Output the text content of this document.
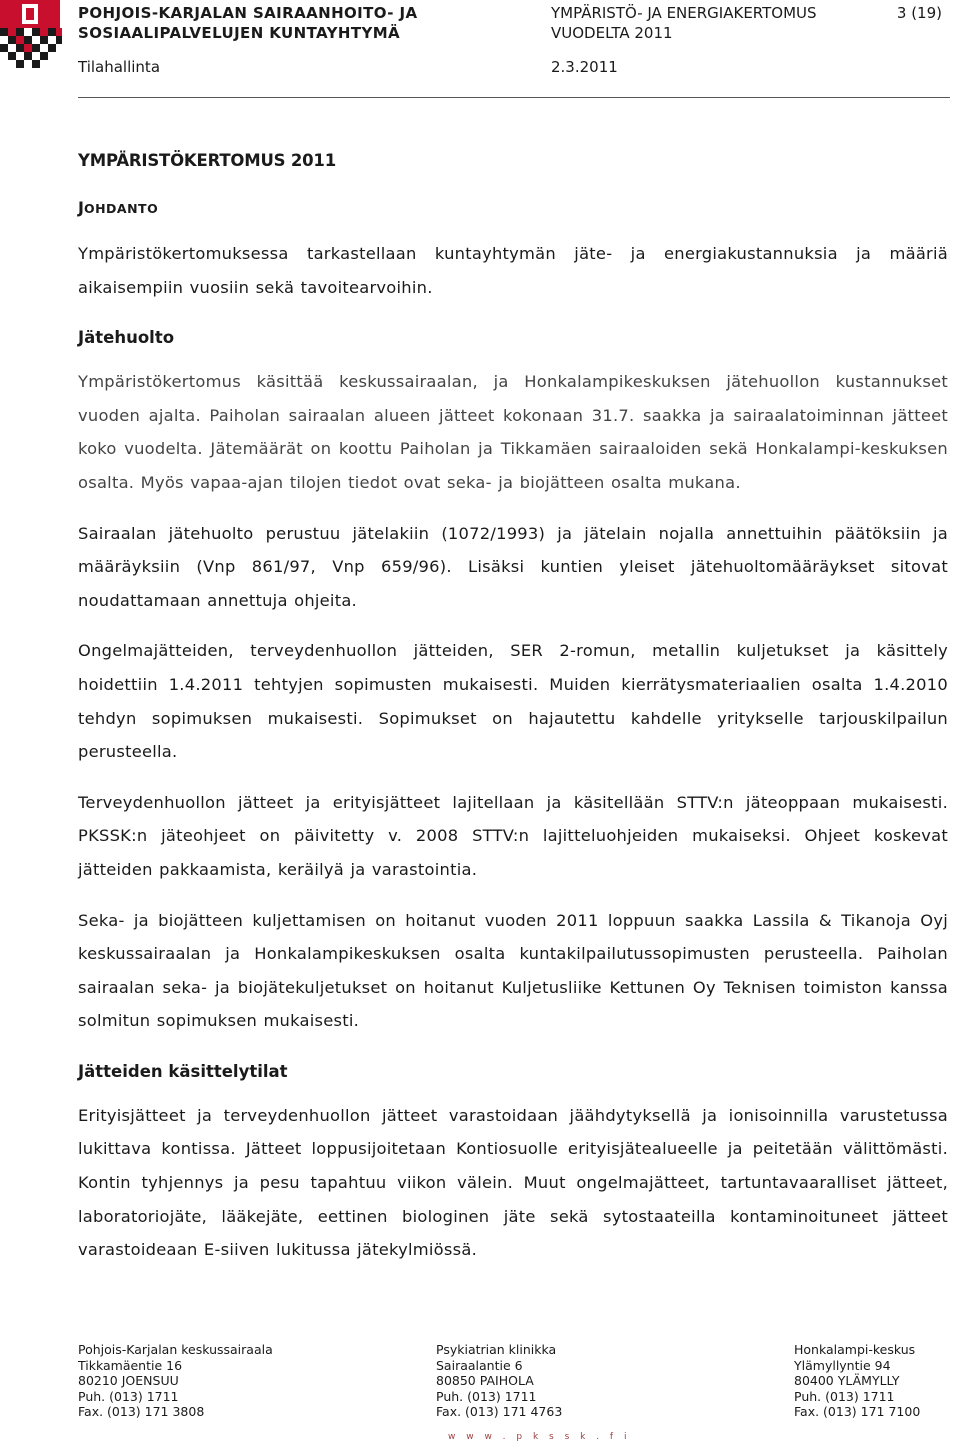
POHJOIS-KARJALAN SAIRAANHOITO- JA
SOSIAALIPALVELUJEN KUNTAYHTYMÄ
YMPÄRISTÖ- JA ENERGIAKERTOMUS
VUODELTA 2011
3 (19)
Tilahallinta	2.3.2011
YMPÄRISTÖKERTOMUS 2011
JOHDANTO

Ympäristökertomuksessa tarkastellaan kuntayhtymän jäte- ja energiakustannuksia ja määriä aikaisempiin vuosiin sekä tavoitearvoihin.

Jätehuolto

Ympäristökertomus käsittää keskussairaalan, ja Honkalampikeskuksen jätehuollon kustannukset vuoden ajalta. Paiholan sairaalan alueen jätteet kokonaan 31.7. saakka ja sairaalatoiminnan jätteet koko vuodelta. Jätemäärät on koottu Paiholan ja Tikkamäen sairaaloiden sekä Honkalampi-keskuksen osalta. Myös vapaa-ajan tilojen tiedot ovat seka- ja biojätteen osalta mukana.

Sairaalan jätehuolto perustuu jätelakiin (1072/1993) ja jätelain nojalla annettuihin päätöksiin ja määräyksiin (Vnp 861/97, Vnp 659/96). Lisäksi kuntien yleiset jätehuoltomääräykset sitovat noudattamaan annettuja ohjeita.

Ongelmajätteiden, terveydenhuollon jätteiden, SER 2-romun, metallin kuljetukset ja käsittely hoidettiin 1.4.2011 tehtyjen sopimusten mukaisesti. Muiden kierrätysmateriaalien osalta 1.4.2010 tehdyn sopimuksen mukaisesti. Sopimukset on hajautettu kahdelle yritykselle tarjouskilpailun perusteella.

Terveydenhuollon jätteet ja erityisjätteet lajitellaan ja käsitellään STTV:n jäteoppaan mukaisesti. PKSSK:n jäteohjeet on päivitetty v. 2008 STTV:n lajitteluohjeiden mukaiseksi. Ohjeet koskevat jätteiden pakkaamista, keräilyä ja varastointia.

Seka- ja biojätteen kuljettamisen on hoitanut vuoden 2011 loppuun saakka Lassila & Tikanoja Oyj keskussairaalan ja Honkalampikeskuksen osalta kuntakilpailutussopimusten perusteella. Paiholan sairaalan seka- ja biojätekuljetukset on hoitanut Kuljetusliike Kettunen Oy Teknisen toimiston kanssa solmitun sopimuksen mukaisesti.

Jätteiden käsittelytilat

Erityisjätteet ja terveydenhuollon jätteet varastoidaan jäähdytyksellä ja ionisoinnilla varustetussa lukittava kontissa. Jätteet loppusijoitetaan Kontiosuolle erityisjätealueelle ja peitetään välittömästi. Kontin tyhjennys ja pesu tapahtuu viikon välein. Muut ongelmajätteet, tartuntavaaralliset jätteet, laboratoriojäte, lääkejäte, eettinen biologinen jäte sekä sytostaateilla kontaminoituneet jätteet varastoideaan E-siiven lukitussa jätekylmiössä.

Pohjois-Karjalan keskussairaala
Tikkamäentie 16
80210 JOENSUU
Puh. (013) 1711
Fax. (013) 171 3808
Psykiatrian klinikka
Sairaalantie 6
80850 PAIHOLA
Puh. (013) 1711
Fax. (013) 171 4763
Honkalampi-keskus
Ylämyllyntie 94
80400 YLÄMYLLY
Puh. (013) 1711
Fax. (013) 171 7100
w w w . p k s s k . f i
